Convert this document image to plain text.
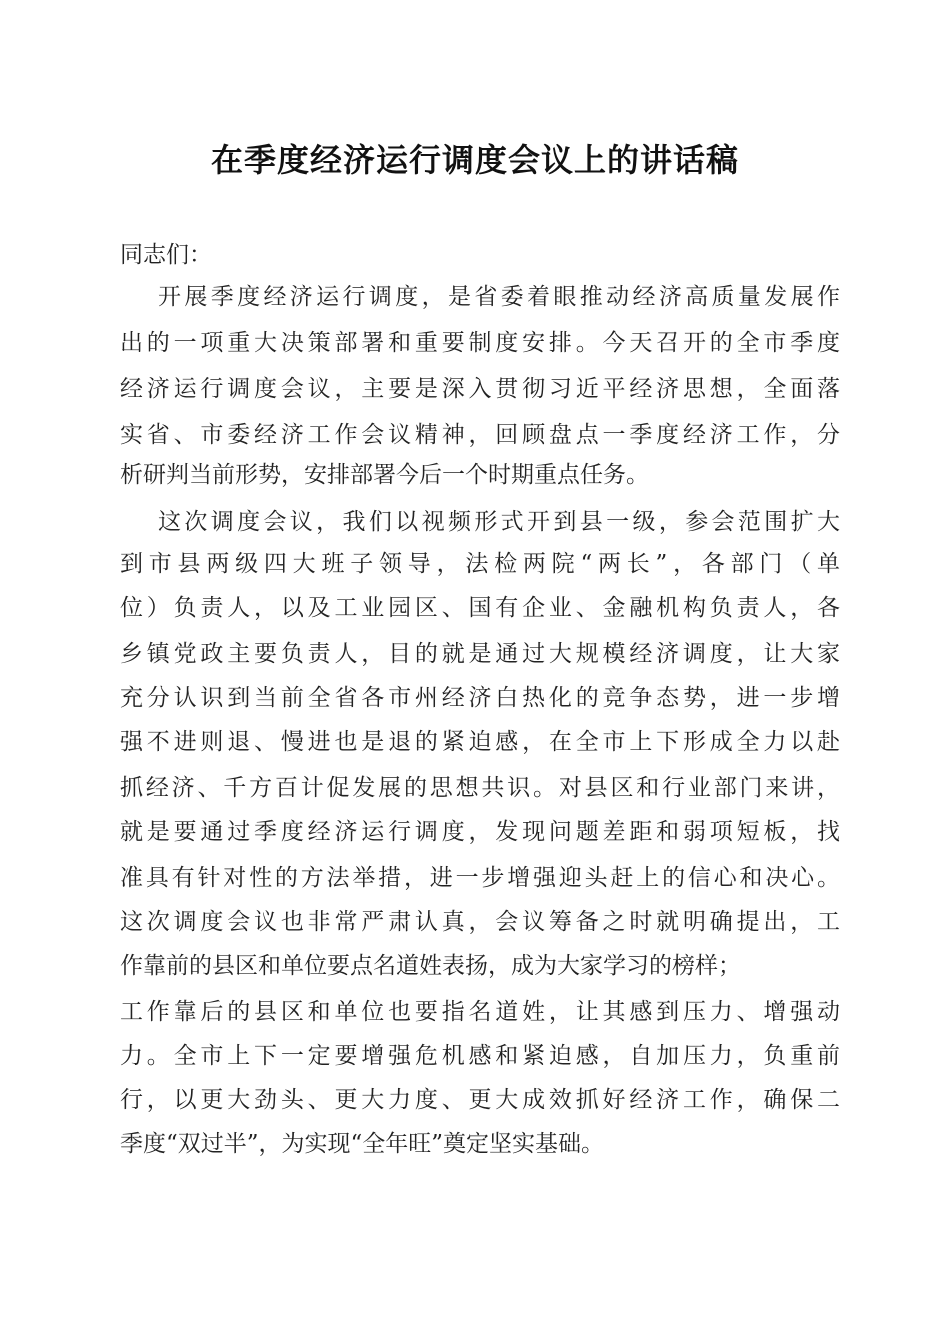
在季度经济运行调度会议上的讲话稿
同志们：
开展季度经济运行调度，是省委着眼推动经济高质量发展作
出的一项重大决策部署和重要制度安排。今天召开的全市季度
经济运行调度会议，主要是深入贯彻习近平经济思想，全面落
实省、市委经济工作会议精神，回顾盘点一季度经济工作，分
析研判当前形势，安排部署今后一个时期重点任务。
这次调度会议，我们以视频形式开到县一级，参会范围扩大
到市县两级四大班子领导，法检两院“两长”，各部门（单
位）负责人，以及工业园区、国有企业、金融机构负责人，各
乡镇党政主要负责人，目的就是通过大规模经济调度，让大家
充分认识到当前全省各市州经济白热化的竞争态势，进一步增
强不进则退、慢进也是退的紧迫感，在全市上下形成全力以赴
抓经济、千方百计促发展的思想共识。对县区和行业部门来讲，
就是要通过季度经济运行调度，发现问题差距和弱项短板，找
准具有针对性的方法举措，进一步增强迎头赶上的信心和决心。
这次调度会议也非常严肃认真，会议筹备之时就明确提出，工
作靠前的县区和单位要点名道姓表扬，成为大家学习的榜样；
工作靠后的县区和单位也要指名道姓，让其感到压力、增强动
力。全市上下一定要增强危机感和紧迫感，自加压力，负重前
行，以更大劲头、更大力度、更大成效抓好经济工作，确保二
季度“双过半”，为实现“全年旺”奠定坚实基础。
